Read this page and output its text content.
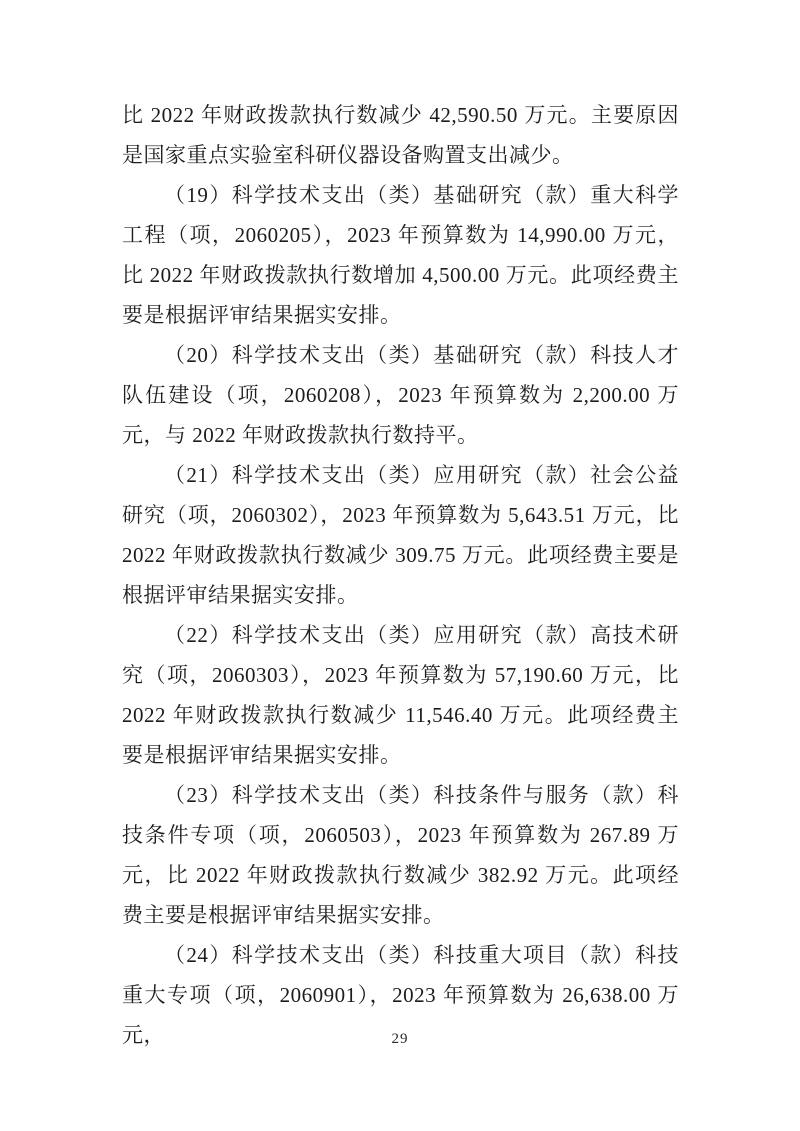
比 2022 年财政拨款执行数减少 42,590.50 万元。主要原因是国家重点实验室科研仪器设备购置支出减少。

（19）科学技术支出（类）基础研究（款）重大科学工程（项，2060205），2023 年预算数为 14,990.00 万元，比 2022 年财政拨款执行数增加 4,500.00 万元。此项经费主要是根据评审结果据实安排。

（20）科学技术支出（类）基础研究（款）科技人才队伍建设（项，2060208），2023 年预算数为 2,200.00 万元，与 2022 年财政拨款执行数持平。

（21）科学技术支出（类）应用研究（款）社会公益研究（项，2060302），2023 年预算数为 5,643.51 万元，比 2022 年财政拨款执行数减少 309.75 万元。此项经费主要是根据评审结果据实安排。

（22）科学技术支出（类）应用研究（款）高技术研究（项，2060303），2023 年预算数为 57,190.60 万元，比 2022 年财政拨款执行数减少 11,546.40 万元。此项经费主要是根据评审结果据实安排。

（23）科学技术支出（类）科技条件与服务（款）科技条件专项（项，2060503），2023 年预算数为 267.89 万元，比 2022 年财政拨款执行数减少 382.92 万元。此项经费主要是根据评审结果据实安排。

（24）科学技术支出（类）科技重大项目（款）科技重大专项（项，2060901），2023 年预算数为 26,638.00 万元，	29
